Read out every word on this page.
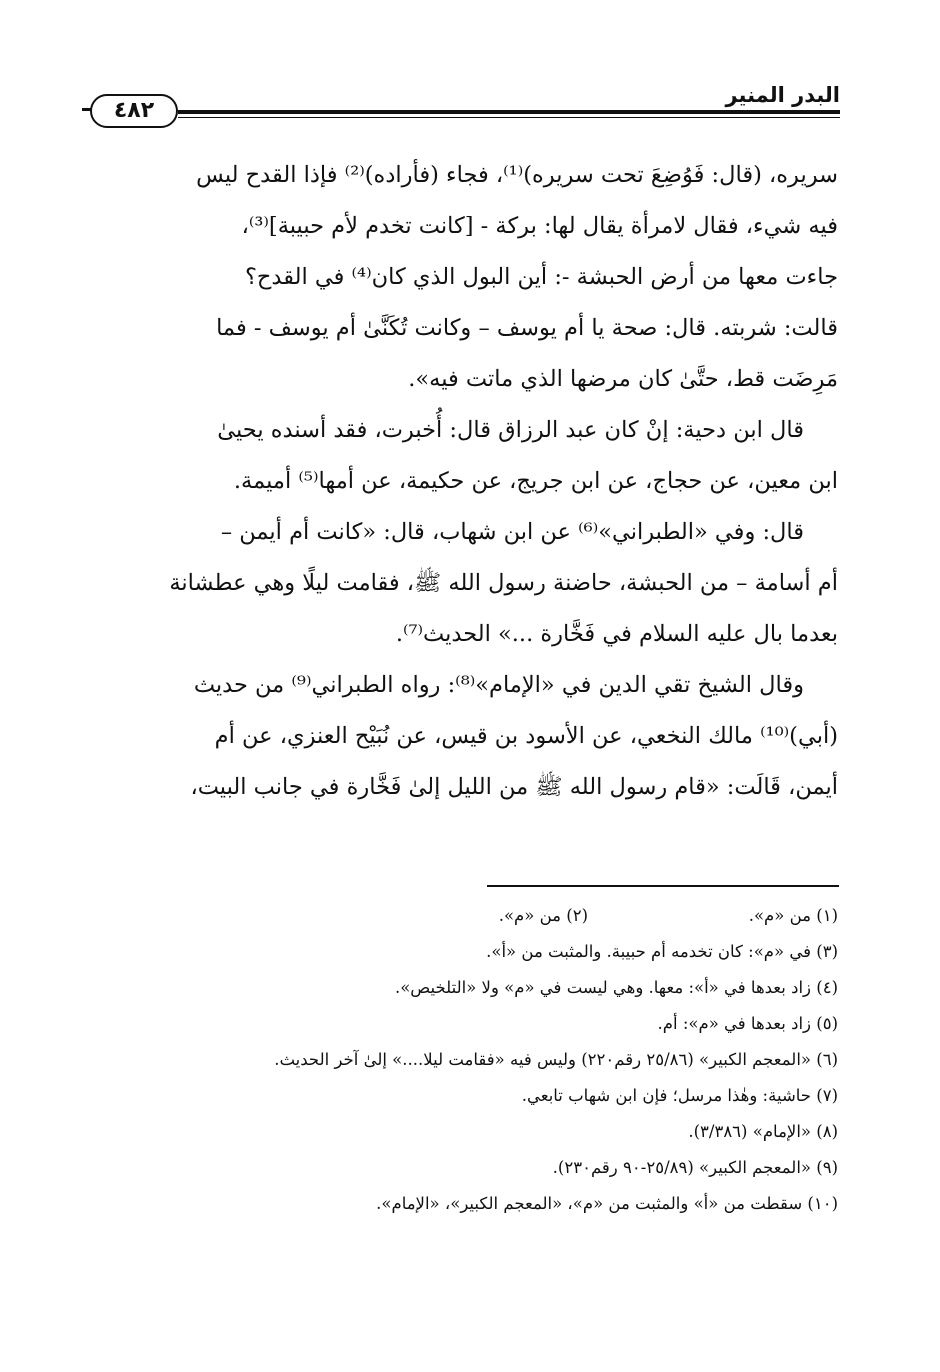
البدر المنير
٤٨٢

سريره، (قال: فَوُضِعَ تحت سريره)⁽¹⁾، فجاء (فأراده)⁽²⁾ فإذا القدح ليس

فيه شيء، فقال لامرأة يقال لها: بركة - [كانت تخدم لأم حبيبة]⁽³⁾،

جاءت معها من أرض الحبشة -: أين البول الذي كان⁽⁴⁾ في القدح؟

قالت: شربته. قال: صحة يا أم يوسف – وكانت تُكَنَّىٰ أم يوسف - فما

مَرِضَت قط، حتَّىٰ كان مرضها الذي ماتت فيه».

قال ابن دحية: إنْ كان عبد الرزاق قال: أُخبرت، فقد أسنده يحيىٰ

ابن معين، عن حجاج، عن ابن جريج، عن حكيمة، عن أمها⁽⁵⁾ أميمة.

قال: وفي «الطبراني»⁽⁶⁾ عن ابن شهاب، قال: «كانت أم أيمن –

أم أسامة – من الحبشة، حاضنة رسول الله ﷺ، فقامت ليلًا وهي عطشانة

بعدما بال عليه السلام في فَخَّارة ...» الحديث⁽⁷⁾.

وقال الشيخ تقي الدين في «الإمام»⁽⁸⁾: رواه الطبراني⁽⁹⁾ من حديث

(أبي)⁽¹⁰⁾ مالك النخعي، عن الأسود بن قيس، عن نُبَيْح العنزي، عن أم

أيمن، قَالَت: «قام رسول الله ﷺ من الليل إلىٰ فَخَّارة في جانب البيت،

(١) من «م».
(٢) من «م».
(٣) في «م»: كان تخدمه أم حبيبة. والمثبت من «أ».
(٤) زاد بعدها في «أ»: معها. وهي ليست في «م» ولا «التلخيص».
(٥) زاد بعدها في «م»: أم.
(٦) «المعجم الكبير» (٢٥/٨٦ رقم٢٢٠) وليس فيه «فقامت ليلا....» إلىٰ آخر الحديث.
(٧) حاشية: وهٰذا مرسل؛ فإن ابن شهاب تابعي.
(٨) «الإمام» (٣/٣٨٦).
(٩) «المعجم الكبير» (٢٥/٨٩-٩٠ رقم٢٣٠).
(١٠) سقطت من «أ» والمثبت من «م»، «المعجم الكبير»، «الإمام».
